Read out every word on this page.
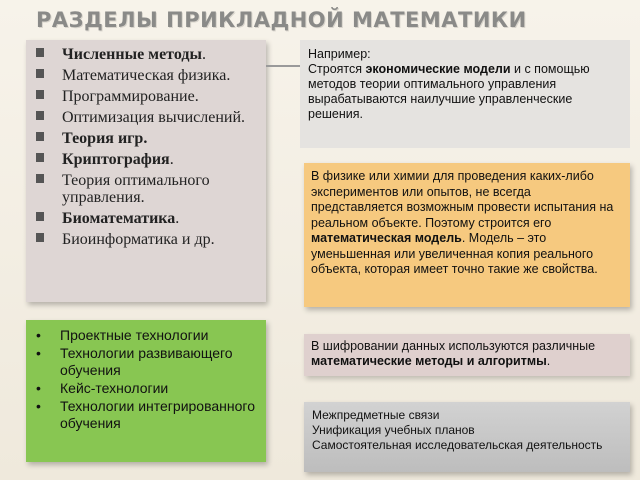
РАЗДЕЛЫ ПРИКЛАДНОЙ МАТЕМАТИКИ
Численные методы.
Математическая физика.
Программирование.
Оптимизация вычислений.
Теория игр.
Криптография.
Теория оптимального управления.
Биоматематика.
Биоинформатика и др.
Например:
Строятся экономические модели и с помощью методов теории оптимального управления вырабатываются наилучшие управленческие решения.
В физике или химии для проведения каких-либо экспериментов или опытов, не всегда представляется возможным провести испытания на реальном объекте. Поэтому строится его математическая модель. Модель – это уменьшенная или увеличенная копия реального объекта, которая имеет точно такие же свойства.
• Проектные технологии
• Технологии развивающего обучения
• Кейс-технологии
• Технологии интегрированного обучения
В шифровании данных используются различные математические методы и алгоритмы.
Межпредметные связи
Унификация учебных планов
Самостоятельная исследовательская деятельность
